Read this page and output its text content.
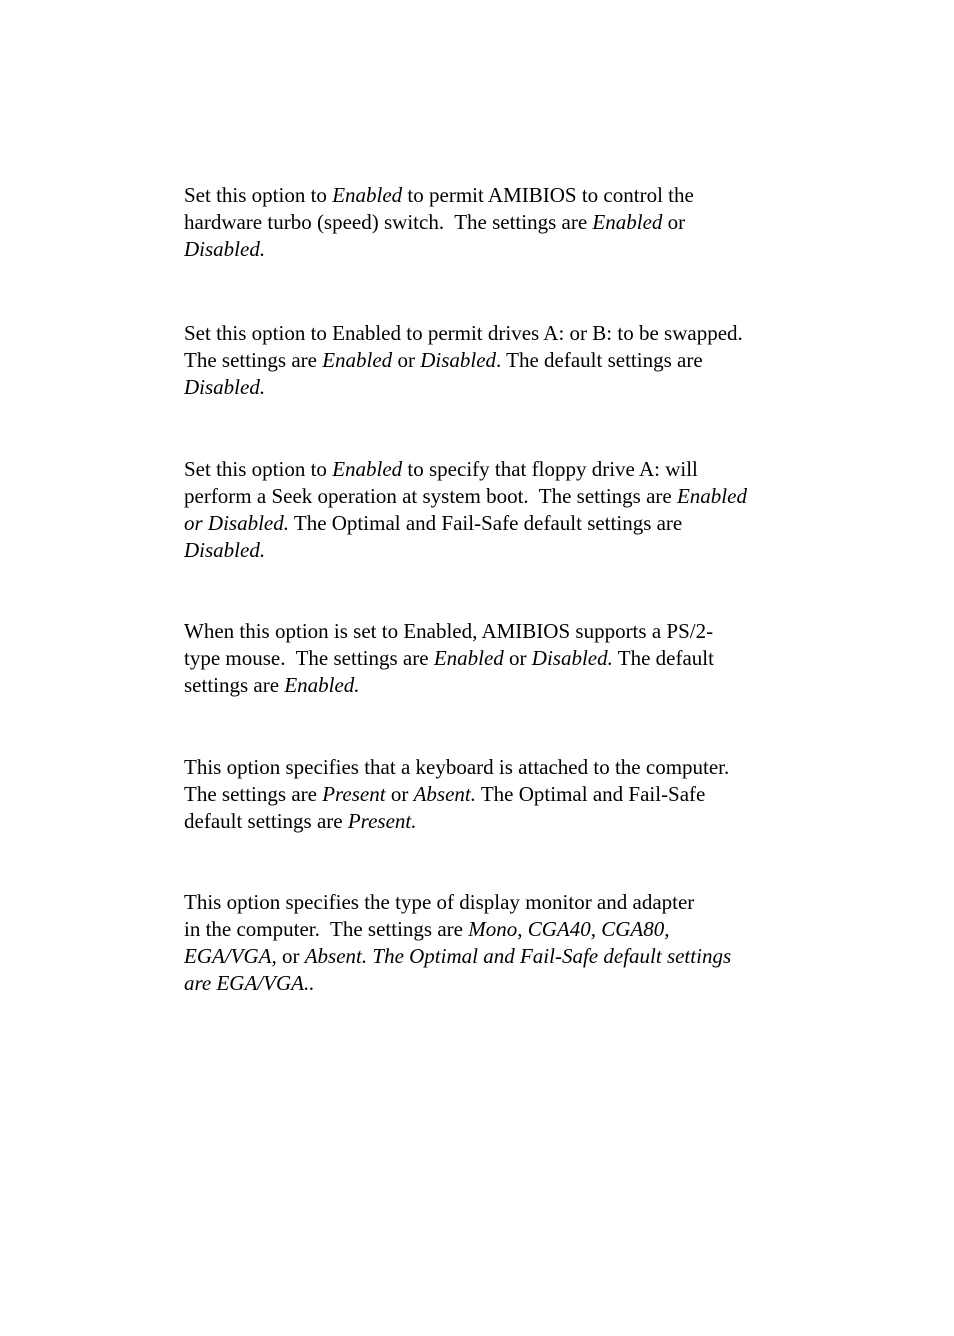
Set this option to Enabled to permit AMIBIOS to control the
hardware turbo (speed) switch.  The settings are Enabled or
Disabled.
Set this option to Enabled to permit drives A: or B: to be swapped.
The settings are Enabled or Disabled. The default settings are
Disabled.
Set this option to Enabled to specify that floppy drive A: will
perform a Seek operation at system boot.  The settings are Enabled
or Disabled. The Optimal and Fail-Safe default settings are
Disabled.
When this option is set to Enabled, AMIBIOS supports a PS/2-
type mouse.  The settings are Enabled or Disabled. The default
settings are Enabled.
This option specifies that a keyboard is attached to the computer.
The settings are Present or Absent. The Optimal and Fail-Safe
default settings are Present.
This option specifies the type of display monitor and adapter
in the computer.  The settings are Mono, CGA40, CGA80,
EGA/VGA, or Absent. The Optimal and Fail-Safe default settings
are EGA/VGA..
